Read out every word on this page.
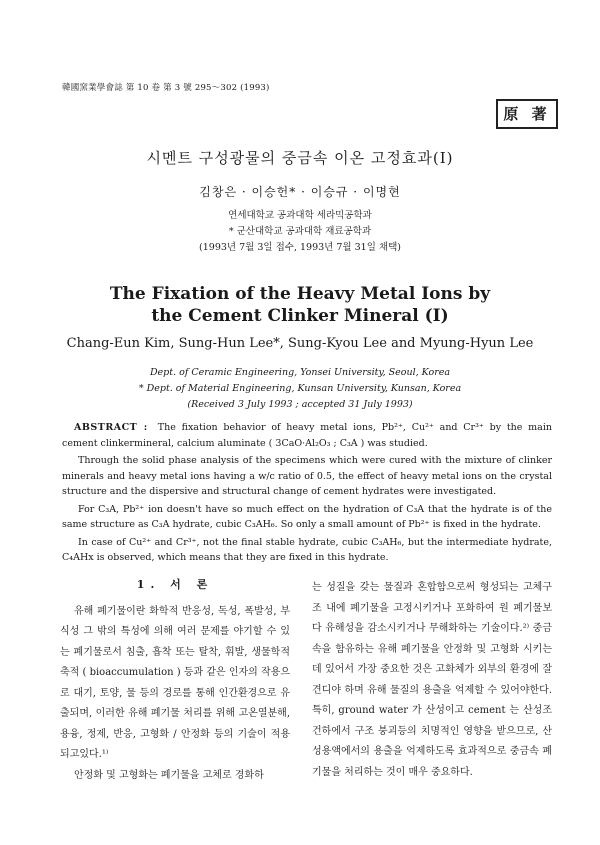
韓國窯業學會誌 第 10 卷 第 3 號 295～302 (1993)
原 著
시멘트 구성광물의 중금속 이온 고정효과(I)
김창은 · 이승헌* · 이승규 · 이명현
연세대학교 공과대학 세라믹공학과
* 군산대학교 공과대학 재료공학과
(1993년 7월 3일 접수, 1993년 7월 31일 채택)
The Fixation of the Heavy Metal Ions by
the Cement Clinker Mineral (I)
Chang-Eun Kim, Sung-Hun Lee*, Sung-Kyou Lee and Myung-Hyun Lee
Dept. of Ceramic Engineering, Yonsei University, Seoul, Korea
* Dept. of Material Engineering, Kunsan University, Kunsan, Korea
(Received 3 July 1993 ; accepted 31 July 1993)

ABSTRACT : The fixation behavior of heavy metal ions, Pb²⁺, Cu²⁺ and Cr³⁺ by the main cement clinkermineral, calcium aluminate ( 3CaO·Al₂O₃ ; C₃A ) was studied.

Through the solid phase analysis of the specimens which were cured with the mixture of clinker minerals and heavy metal ions having a w/c ratio of 0.5, the effect of heavy metal ions on the crystal structure and the dispersive and structural change of cement hydrates were investigated.

For C₃A, Pb²⁺ ion doesn't have so much effect on the hydration of C₃A that the hydrate is of the same structure as C₃A hydrate, cubic C₃AH₆. So only a small amount of Pb²⁺ is fixed in the hydrate.

In case of Cu²⁺ and Cr³⁺, not the final stable hydrate, cubic C₃AH₆, but the intermediate hydrate, C₄AHx is observed, which means that they are fixed in this hydrate.

1. 서 론

유해 폐기물이란 화학적 반응성, 독성, 폭발성, 부식성 그 밖의 특성에 의해 여러 문제를 야기할 수 있는 폐기물로서 침출, 흡착 또는 탈착, 휘발, 생물학적 축적 ( bioaccumulation ) 등과 같은 인자의 작용으로 대기, 토양, 물 등의 경로를 통해 인간환경으로 유출되며, 이러한 유해 폐기물 처리를 위해 고온열분해, 용융, 정제, 반응, 고형화 / 안정화 등의 기술이 적용되고있다.¹⁾

안정화 및 고형화는 폐기물을 고체로 경화하

는 성질을 갖는 물질과 혼합함으로써 형성되는 고체구조 내에 폐기물을 고정시키거나 포화하여 원 폐기물보다 유해성을 감소시키거나 무해화하는 기술이다.²⁾ 중금속을 함유하는 유해 폐기물을 안정화 및 고형화 시키는 데 있어서 가장 중요한 것은 고화체가 외부의 환경에 잘 견디야 하며 유해 물질의 용출을 억제할 수 있어야한다. 특히, ground water 가 산성이고 cement 는 산성조건하에서 구조 붕괴등의 치명적인 영향을 받으므로, 산성용액에서의 용출을 억제하도록 효과적으로 중금속 폐기물을 처리하는 것이 매우 중요하다.
